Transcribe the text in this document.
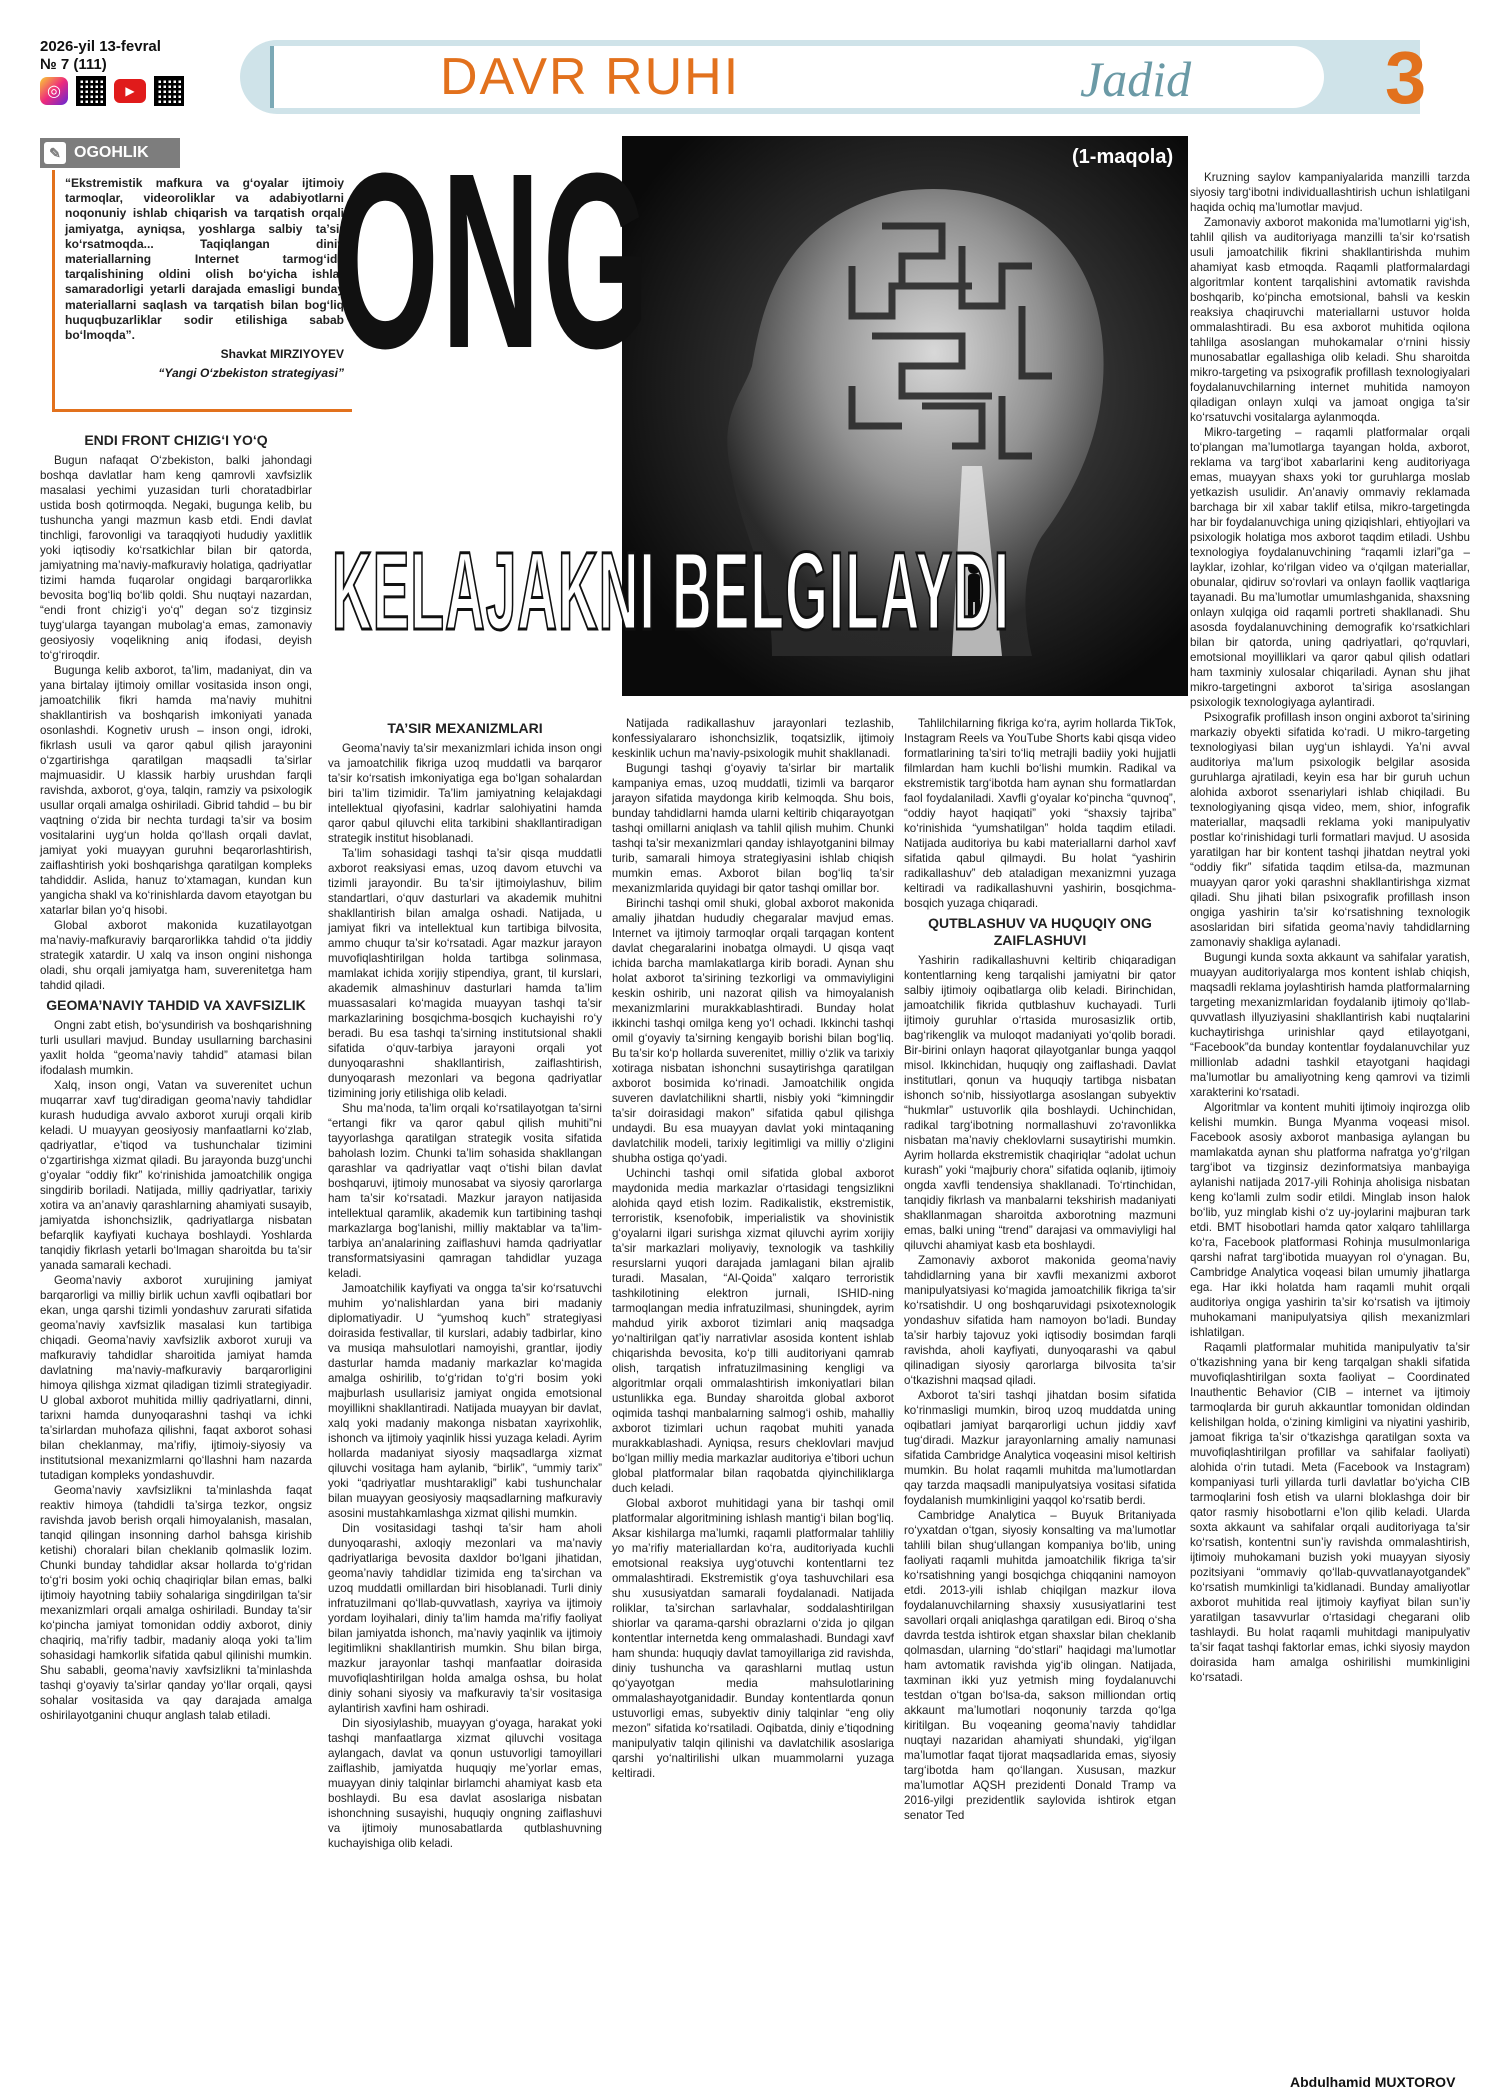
2026-yil 13-fevral
№ 7 (111)
◎	▶	DAVR RUHI	Jadid	3
✎ OGOHLIK
“Ekstremistik mafkura va g‘oyalar ijtimoiy tarmoqlar, videoroliklar va adabiyotlarni noqonuniy ishlab chiqarish va tarqatish orqali jamiyatga, ayniqsa, yoshlarga salbiy ta’sir ko‘rsatmoqda... Taqiqlangan diniy materiallarning Internet tarmog‘ida tarqalishining oldini olish bo‘yicha ishlar samaradorligi yetarli darajada emasligi bunday materiallarni saqlash va tarqatish bilan bog‘liq huquqbuzarliklar sodir etilishiga sabab bo‘lmoqda”.
Shavkat MIRZIYOYEV
“Yangi O‘zbekiston strategiyasi”
(1-maqola)
ONG
KELAJAKNI BELGILAYDI
ENDI FRONT CHIZIG‘I YO‘Q

Bugun nafaqat O‘zbekiston, balki jahondagi boshqa davlatlar ham keng qamrovli xavfsizlik masalasi yechimi yuzasidan turli choratadbirlar ustida bosh qotirmoqda. Negaki, bugunga kelib, bu tushuncha yangi mazmun kasb etdi. Endi davlat tinchligi, farovonligi va taraqqiyoti hududiy yaxlitlik yoki iqtisodiy ko‘rsatkichlar bilan bir qatorda, jamiyatning ma’naviy-mafkuraviy holatiga, qadriyatlar tizimi hamda fuqarolar ongidagi barqarorlikka bevosita bog‘liq bo‘lib qoldi. Shu nuqtayi nazardan, “endi front chizig‘i yo‘q” degan so‘z tizginsiz tuyg‘ularga tayangan mubolag‘a emas, zamonaviy geosiyosiy voqelikning aniq ifodasi, deyish to‘g‘riroqdir.

Bugunga kelib axborot, ta’lim, madaniyat, din va yana birtalay ijtimoiy omillar vositasida inson ongi, jamoatchilik fikri hamda ma’naviy muhitni shakllantirish va boshqarish imkoniyati yanada osonlashdi. Kognetiv urush – inson ongi, idroki, fikrlash usuli va qaror qabul qilish jarayonini o‘zgartirishga qaratilgan maqsadli ta’sirlar majmuasidir. U klassik harbiy urushdan farqli ravishda, axborot, g‘oya, talqin, ramziy va psixologik usullar orqali amalga oshiriladi. Gibrid tahdid – bu bir vaqtning o‘zida bir nechta turdagi ta’sir va bosim vositalarini uyg‘un holda qo‘llash orqali davlat, jamiyat yoki muayyan guruhni beqarorlashtirish, zaiflashtirish yoki boshqarishga qaratilgan kompleks tahdiddir. Aslida, hanuz to‘xtamagan, kundan kun yangicha shakl va ko‘rinishlarda davom etayotgan bu xatarlar bilan yo‘q hisobi.

Global axborot makonida kuzatilayotgan ma’naviy-mafkuraviy barqarorlikka tahdid o‘ta jiddiy strategik xatardir. U xalq va inson ongini nishonga oladi, shu orqali jamiyatga ham, suverenitetga ham tahdid qiladi.

GEOMA’NAVIY TAHDID VA XAVFSIZLIK

Ongni zabt etish, bo‘ysundirish va boshqarishning turli usullari mavjud. Bunday usullarning barchasini yaxlit holda “geoma’naviy tahdid” atamasi bilan ifodalash mumkin.

Xalq, inson ongi, Vatan va suverenitet uchun muqarrar xavf tug‘diradigan geoma’naviy tahdidlar kurash hududiga avvalo axborot xuruji orqali kirib keladi. U muayyan geosiyosiy manfaatlarni ko‘zlab, qadriyatlar, e’tiqod va tushunchalar tizimini o‘zgartirishga xizmat qiladi. Bu jarayonda buzg‘unchi g‘oyalar “oddiy fikr” ko‘rinishida jamoatchilik ongiga singdirib boriladi. Natijada, milliy qadriyatlar, tarixiy xotira va an’anaviy qarashlarning ahamiyati susayib, jamiyatda ishonchsizlik, qadriyatlarga nisbatan befarqlik kayfiyati kuchaya boshlaydi. Yoshlarda tanqidiy fikrlash yetarli bo‘lmagan sharoitda bu ta’sir yanada samarali kechadi.

Geoma’naviy axborot xurujining jamiyat barqarorligi va milliy birlik uchun xavfli oqibatlari bor ekan, unga qarshi tizimli yondashuv zarurati sifatida geoma’naviy xavfsizlik masalasi kun tartibiga chiqadi. Geoma’naviy xavfsizlik axborot xuruji va mafkuraviy tahdidlar sharoitida jamiyat hamda davlatning ma’naviy-mafkuraviy barqarorligini himoya qilishga xizmat qiladigan tizimli strategiyadir. U global axborot muhitida milliy qadriyatlarni, dinni, tarixni hamda dunyoqarashni tashqi va ichki ta’sirlardan muhofaza qilishni, faqat axborot sohasi bilan cheklanmay, ma’rifiy, ijtimoiy-siyosiy va institutsional mexanizmlarni qo‘llashni ham nazarda tutadigan kompleks yondashuvdir.

Geoma’naviy xavfsizlikni ta’minlashda faqat reaktiv himoya (tahdidli ta’sirga tezkor, ongsiz ravishda javob berish orqali himoyalanish, masalan, tanqid qilingan insonning darhol bahsga kirishib ketishi) choralari bilan cheklanib qolmaslik lozim. Chunki bunday tahdidlar aksar hollarda to‘g‘ridan to‘g‘ri bosim yoki ochiq chaqiriqlar bilan emas, balki ijtimoiy hayotning tabiiy sohalariga singdirilgan ta’sir mexanizmlari orqali amalga oshiriladi. Bunday ta’sir ko‘pincha jamiyat tomonidan oddiy axborot, diniy chaqiriq, ma’rifiy tadbir, madaniy aloqa yoki ta’lim sohasidagi hamkorlik sifatida qabul qilinishi mumkin. Shu sababli, geoma’naviy xavfsizlikni ta’minlashda tashqi g‘oyaviy ta’sirlar qanday yo‘llar orqali, qaysi sohalar vositasida va qay darajada amalga oshirilayotganini chuqur anglash talab etiladi.

TA’SIR MEXANIZMLARI

Geoma’naviy ta’sir mexanizmlari ichida inson ongi va jamoatchilik fikriga uzoq muddatli va barqaror ta’sir ko‘rsatish imkoniyatiga ega bo‘lgan sohalardan biri ta’lim tizimidir. Ta’lim jamiyatning kelajakdagi intellektual qiyofasini, kadrlar salohiyatini hamda qaror qabul qiluvchi elita tarkibini shakllantiradigan strategik institut hisoblanadi.

Ta’lim sohasidagi tashqi ta’sir qisqa muddatli axborot reaksiyasi emas, uzoq davom etuvchi va tizimli jarayondir. Bu ta’sir ijtimoiylashuv, bilim standartlari, o‘quv dasturlari va akademik muhitni shakllantirish bilan amalga oshadi. Natijada, u jamiyat fikri va intellektual kun tartibiga bilvosita, ammo chuqur ta’sir ko‘rsatadi. Agar mazkur jarayon muvofiqlashtirilgan holda tartibga solinmasa, mamlakat ichida xorijiy stipendiya, grant, til kurslari, akademik almashinuv dasturlari hamda ta’lim muassasalari ko‘magida muayyan tashqi ta’sir markazlarining bosqichma-bosqich kuchayishi ro‘y beradi. Bu esa tashqi ta’sirning institutsional shakli sifatida o‘quv-tarbiya jarayoni orqali yot dunyoqarashni shakllantirish, zaiflashtirish, dunyoqarash mezonlari va begona qadriyatlar tizimining joriy etilishiga olib keladi.

Shu ma’noda, ta’lim orqali ko‘rsatilayotgan ta’sirni “ertangi fikr va qaror qabul qilish muhiti”ni tayyorlashga qaratilgan strategik vosita sifatida baholash lozim. Chunki ta’lim sohasida shakllangan qarashlar va qadriyatlar vaqt o‘tishi bilan davlat boshqaruvi, ijtimoiy munosabat va siyosiy qarorlarga ham ta’sir ko‘rsatadi. Mazkur jarayon natijasida intellektual qaramlik, akademik kun tartibining tashqi markazlarga bog‘lanishi, milliy maktablar va ta’lim-tarbiya an’analarining zaiflashuvi hamda qadriyatlar transformatsiyasini qamragan tahdidlar yuzaga keladi.

Jamoatchilik kayfiyati va ongga ta’sir ko‘rsatuvchi muhim yo‘nalishlardan yana biri madaniy diplomatiyadir. U “yumshoq kuch” strategiyasi doirasida festivallar, til kurslari, adabiy tadbirlar, kino va musiqa mahsulotlari namoyishi, grantlar, ijodiy dasturlar hamda madaniy markazlar ko‘magida amalga oshirilib, to‘g‘ridan to‘g‘ri bosim yoki majburlash usullarisiz jamiyat ongida emotsional moyillikni shakllantiradi. Natijada muayyan bir davlat, xalq yoki madaniy makonga nisbatan xayrixohlik, ishonch va ijtimoiy yaqinlik hissi yuzaga keladi. Ayrim hollarda madaniyat siyosiy maqsadlarga xizmat qiluvchi vositaga ham aylanib, “birlik”, “ummiy tarix” yoki “qadriyatlar mushtarakligi” kabi tushunchalar bilan muayyan geosiyosiy maqsadlarning mafkuraviy asosini mustahkamlashga xizmat qilishi mumkin.

Din vositasidagi tashqi ta’sir ham aholi dunyoqarashi, axloqiy mezonlari va ma’naviy qadriyatlariga bevosita daxldor bo‘lgani jihatidan, geoma’naviy tahdidlar tizimida eng ta’sirchan va uzoq muddatli omillardan biri hisoblanadi. Turli diniy infratuzilmani qo‘llab-quvvatlash, xayriya va ijtimoiy yordam loyihalari, diniy ta’lim hamda ma’rifiy faoliyat bilan jamiyatda ishonch, ma’naviy yaqinlik va ijtimoiy legitimlikni shakllantirish mumkin. Shu bilan birga, mazkur jarayonlar tashqi manfaatlar doirasida muvofiqlashtirilgan holda amalga oshsa, bu holat diniy sohani siyosiy va mafkuraviy ta’sir vositasiga aylantirish xavfini ham oshiradi.

Din siyosiylashib, muayyan g‘oyaga, harakat yoki tashqi manfaatlarga xizmat qiluvchi vositaga aylangach, davlat va qonun ustuvorligi tamoyillari zaiflashib, jamiyatda huquqiy me’yorlar emas, muayyan diniy talqinlar birlamchi ahamiyat kasb eta boshlaydi. Bu esa davlat asoslariga nisbatan ishonchning susayishi, huquqiy ongning zaiflashuvi va ijtimoiy munosabatlarda qutblashuvning kuchayishiga olib keladi.

Natijada radikallashuv jarayonlari tezlashib, konfessiyalararo ishonchsizlik, toqatsizlik, ijtimoiy keskinlik uchun ma’naviy-psixologik muhit shakllanadi.

Bugungi tashqi g‘oyaviy ta’sirlar bir martalik kampaniya emas, uzoq muddatli, tizimli va barqaror jarayon sifatida maydonga kirib kelmoqda. Shu bois, bunday tahdidlarni hamda ularni keltirib chiqarayotgan tashqi omillarni aniqlash va tahlil qilish muhim. Chunki tashqi ta’sir mexanizmlari qanday ishlayotganini bilmay turib, samarali himoya strategiyasini ishlab chiqish mumkin emas. Axborot bilan bog‘liq ta’sir mexanizmlarida quyidagi bir qator tashqi omillar bor.

Birinchi tashqi omil shuki, global axborot makonida amaliy jihatdan hududiy chegaralar mavjud emas. Internet va ijtimoiy tarmoqlar orqali tarqagan kontent davlat chegaralarini inobatga olmaydi. U qisqa vaqt ichida barcha mamlakatlarga kirib boradi. Aynan shu holat axborot ta’sirining tezkorligi va ommaviyligini keskin oshirib, uni nazorat qilish va himoyalanish mexanizmlarini murakkablashtiradi. Bunday holat ikkinchi tashqi omilga keng yo‘l ochadi. Ikkinchi tashqi omil g‘oyaviy ta’sirning kengayib borishi bilan bog‘liq. Bu ta’sir ko‘p hollarda suverenitet, milliy o‘zlik va tarixiy xotiraga nisbatan ishonchni susaytirishga qaratilgan axborot bosimida ko‘rinadi. Jamoatchilik ongida suveren davlatchilikni shartli, nisbiy yoki “kimningdir ta’sir doirasidagi makon” sifatida qabul qilishga undaydi. Bu esa muayyan davlat yoki mintaqaning davlatchilik modeli, tarixiy legitimligi va milliy o‘zligini shubha ostiga qo‘yadi.

Uchinchi tashqi omil sifatida global axborot maydonida media markazlar o‘rtasidagi tengsizlikni alohida qayd etish lozim. Radikalistik, ekstremistik, terroristik, ksenofobik, imperialistik va shovinistik g‘oyalarni ilgari surishga xizmat qiluvchi ayrim xorijiy ta’sir markazlari moliyaviy, texnologik va tashkiliy resurslarni yuqori darajada jamlagani bilan ajralib turadi. Masalan, “Al-Qoida” xalqaro terroristik tashkilotining elektron jurnali, ISHID-ning tarmoqlangan media infratuzilmasi, shuningdek, ayrim mahdud yirik axborot tizimlari aniq maqsadga yo‘naltirilgan qat’iy narrativlar asosida kontent ishlab chiqarishda bevosita, ko‘p tilli auditoriyani qamrab olish, tarqatish infratuzilmasining kengligi va algoritmlar orqali ommalashtirish imkoniyatlari bilan ustunlikka ega. Bunday sharoitda global axborot oqimida tashqi manbalarning salmog‘i oshib, mahalliy axborot tizimlari uchun raqobat muhiti yanada murakkablashadi. Ayniqsa, resurs cheklovlari mavjud bo‘lgan milliy media markazlar auditoriya e’tibori uchun global platformalar bilan raqobatda qiyinchiliklarga duch keladi.

Global axborot muhitidagi yana bir tashqi omil platformalar algoritmining ishlash mantig‘i bilan bog‘liq. Aksar kishilarga ma’lumki, raqamli platformalar tahliliy yo ma’rifiy materiallardan ko‘ra, auditoriyada kuchli emotsional reaksiya uyg‘otuvchi kontentlarni tez ommalashtiradi. Ekstremistik g‘oya tashuvchilari esa shu xususiyatdan samarali foydalanadi. Natijada roliklar, ta’sirchan sarlavhalar, soddalashtirilgan shiorlar va qarama-qarshi obrazlarni o‘zida jo qilgan kontentlar internetda keng ommalashadi. Bundagi xavf ham shunda: huquqiy davlat tamoyillariga zid ravishda, diniy tushuncha va qarashlarni mutlaq ustun qo‘yayotgan media mahsulotlarining ommalashayotganidadir. Bunday kontentlarda qonun ustuvorligi emas, subyektiv diniy talqinlar “eng oliy mezon” sifatida ko‘rsatiladi. Oqibatda, diniy e’tiqodning manipulyativ talqin qilinishi va davlatchilik asoslariga qarshi yo‘naltirilishi ulkan muammolarni yuzaga keltiradi.

Tahlilchilarning fikriga ko‘ra, ayrim hollarda TikTok, Instagram Reels va YouTube Shorts kabi qisqa video formatlarining ta’siri to‘liq metrajli badiiy yoki hujjatli filmlardan ham kuchli bo‘lishi mumkin. Radikal va ekstremistik targ‘ibotda ham aynan shu formatlardan faol foydalaniladi. Xavfli g‘oyalar ko‘pincha “quvnoq”, “oddiy hayot haqiqati” yoki “shaxsiy tajriba” ko‘rinishida “yumshatilgan” holda taqdim etiladi. Natijada auditoriya bu kabi materiallarni darhol xavf sifatida qabul qilmaydi. Bu holat “yashirin radikallashuv” deb ataladigan mexanizmni yuzaga keltiradi va radikallashuvni yashirin, bosqichma-bosqich yuzaga chiqaradi.

QUTBLASHUV VA HUQUQIY ONG ZAIFLASHUVI

Yashirin radikallashuvni keltirib chiqaradigan kontentlarning keng tarqalishi jamiyatni bir qator salbiy ijtimoiy oqibatlarga olib keladi. Birinchidan, jamoatchilik fikrida qutblashuv kuchayadi. Turli ijtimoiy guruhlar o‘rtasida murosasizlik ortib, bag‘rikenglik va muloqot madaniyati yo‘qolib boradi. Bir-birini onlayn haqorat qilayotganlar bunga yaqqol misol. Ikkinchidan, huquqiy ong zaiflashadi. Davlat institutlari, qonun va huquqiy tartibga nisbatan ishonch so‘nib, hissiyotlarga asoslangan subyektiv “hukmlar” ustuvorlik qila boshlaydi. Uchinchidan, radikal targ‘ibotning normallashuvi zo‘ravonlikka nisbatan ma’naviy cheklovlarni susaytirishi mumkin. Ayrim hollarda ekstremistik chaqiriqlar “adolat uchun kurash” yoki “majburiy chora” sifatida oqlanib, ijtimoiy ongda xavfli tendensiya shakllanadi. To‘rtinchidan, tanqidiy fikrlash va manbalarni tekshirish madaniyati shakllanmagan sharoitda axborotning mazmuni emas, balki uning “trend” darajasi va ommaviyligi hal qiluvchi ahamiyat kasb eta boshlaydi.

Zamonaviy axborot makonida geoma’naviy tahdidlarning yana bir xavfli mexanizmi axborot manipulyatsiyasi ko‘magida jamoatchilik fikriga ta’sir ko‘rsatishdir. U ong boshqaruvidagi psixotexnologik yondashuv sifatida ham namoyon bo‘ladi. Bunday ta’sir harbiy tajovuz yoki iqtisodiy bosimdan farqli ravishda, aholi kayfiyati, dunyoqarashi va qabul qilinadigan siyosiy qarorlarga bilvosita ta’sir o‘tkazishni maqsad qiladi.

Axborot ta’siri tashqi jihatdan bosim sifatida ko‘rinmasligi mumkin, biroq uzoq muddatda uning oqibatlari jamiyat barqarorligi uchun jiddiy xavf tug‘diradi. Mazkur jarayonlarning amaliy namunasi sifatida Cambridge Analytica voqeasini misol keltirish mumkin. Bu holat raqamli muhitda ma’lumotlardan qay tarzda maqsadli manipulyatsiya vositasi sifatida foydalanish mumkinligini yaqqol ko‘rsatib berdi.

Cambridge Analytica – Buyuk Britaniyada ro‘yxatdan o‘tgan, siyosiy konsalting va ma’lumotlar tahlili bilan shug‘ullangan kompaniya bo‘lib, uning faoliyati raqamli muhitda jamoatchilik fikriga ta’sir ko‘rsatishning yangi bosqichga chiqqanini namoyon etdi. 2013-yili ishlab chiqilgan mazkur ilova foydalanuvchilarning shaxsiy xususiyatlarini test savollari orqali aniqlashga qaratilgan edi. Biroq o‘sha davrda testda ishtirok etgan shaxslar bilan cheklanib qolmasdan, ularning “do‘stlari” haqidagi ma’lumotlar ham avtomatik ravishda yig‘ib olingan. Natijada, taxminan ikki yuz yetmish ming foydalanuvchi testdan o‘tgan bo‘lsa-da, sakson milliondan ortiq akkaunt ma’lumotlari noqonuniy tarzda qo‘lga kiritilgan. Bu voqeaning geoma’naviy tahdidlar nuqtayi nazaridan ahamiyati shundaki, yig‘ilgan ma’lumotlar faqat tijorat maqsadlarida emas, siyosiy targ‘ibotda ham qo‘llangan. Xususan, mazkur ma’lumotlar AQSH prezidenti Donald Tramp va 2016-yilgi prezidentlik saylovida ishtirok etgan senator Ted

Kruzning saylov kampaniyalarida manzilli tarzda siyosiy targ‘ibotni individuallashtirish uchun ishlatilgani haqida ochiq ma’lumotlar mavjud.

Zamonaviy axborot makonida ma’lumotlarni yig‘ish, tahlil qilish va auditoriyaga manzilli ta’sir ko‘rsatish usuli jamoatchilik fikrini shakllantirishda muhim ahamiyat kasb etmoqda. Raqamli platformalardagi algoritmlar kontent tarqalishini avtomatik ravishda boshqarib, ko‘pincha emotsional, bahsli va keskin reaksiya chaqiruvchi materiallarni ustuvor holda ommalashtiradi. Bu esa axborot muhitida oqilona tahlilga asoslangan muhokamalar o‘rnini hissiy munosabatlar egallashiga olib keladi. Shu sharoitda mikro-targeting va psixografik profillash texnologiyalari foydalanuvchilarning internet muhitida namoyon qiladigan onlayn xulqi va jamoat ongiga ta’sir ko‘rsatuvchi vositalarga aylanmoqda.

Mikro-targeting – raqamli platformalar orqali to‘plangan ma’lumotlarga tayangan holda, axborot, reklama va targ‘ibot xabarlarini keng auditoriyaga emas, muayyan shaxs yoki tor guruhlarga moslab yetkazish usulidir. An’anaviy ommaviy reklamada barchaga bir xil xabar taklif etilsa, mikro-targetingda har bir foydalanuvchiga uning qiziqishlari, ehtiyojlari va psixologik holatiga mos axborot taqdim etiladi. Ushbu texnologiya foydalanuvchining “raqamli izlari”ga – layklar, izohlar, ko‘rilgan video va o‘qilgan materiallar, obunalar, qidiruv so‘rovlari va onlayn faollik vaqtlariga tayanadi. Bu ma’lumotlar umumlashganida, shaxsning onlayn xulqiga oid raqamli portreti shakllanadi. Shu asosda foydalanuvchining demografik ko‘rsatkichlari bilan bir qatorda, uning qadriyatlari, qo‘rquvlari, emotsional moyilliklari va qaror qabul qilish odatlari ham taxminiy xulosalar chiqariladi. Aynan shu jihat mikro-targetingni axborot ta’siriga asoslangan psixologik texnologiyaga aylantiradi.

Psixografik profillash inson ongini axborot ta’sirining markaziy obyekti sifatida ko‘radi. U mikro-targeting texnologiyasi bilan uyg‘un ishlaydi. Ya’ni avval auditoriya ma’lum psixologik belgilar asosida guruhlarga ajratiladi, keyin esa har bir guruh uchun alohida axborot ssenariylari ishlab chiqiladi. Bu texnologiyaning qisqa video, mem, shior, infografik materiallar, maqsadli reklama yoki manipulyativ postlar ko‘rinishidagi turli formatlari mavjud. U asosida yaratilgan har bir kontent tashqi jihatdan neytral yoki “oddiy fikr” sifatida taqdim etilsa-da, mazmunan muayyan qaror yoki qarashni shakllantirishga xizmat qiladi. Shu jihati bilan psixografik profillash inson ongiga yashirin ta’sir ko‘rsatishning texnologik asoslaridan biri sifatida geoma’naviy tahdidlarning zamonaviy shakliga aylanadi.

Bugungi kunda soxta akkaunt va sahifalar yaratish, muayyan auditoriyalarga mos kontent ishlab chiqish, maqsadli reklama joylashtirish hamda platformalarning targeting mexanizmlaridan foydalanib ijtimoiy qo‘llab-quvvatlash illyuziyasini shakllantirish kabi nuqtalarini kuchaytirishga urinishlar qayd etilayotgani, “Facebook”da bunday kontentlar foydalanuvchilar yuz millionlab adadni tashkil etayotgani haqidagi ma’lumotlar bu amaliyotning keng qamrovi va tizimli xarakterini ko‘rsatadi.

Algoritmlar va kontent muhiti ijtimoiy inqirozga olib kelishi mumkin. Bunga Myanma voqeasi misol. Facebook asosiy axborot manbasiga aylangan bu mamlakatda aynan shu platforma nafratga yo‘g‘rilgan targ‘ibot va tizginsiz dezinformatsiya manbayiga aylanishi natijada 2017-yili Rohinja aholisiga nisbatan keng ko‘lamli zulm sodir etildi. Minglab inson halok bo‘lib, yuz minglab kishi o‘z uy-joylarini majburan tark etdi. BMT hisobotlari hamda qator xalqaro tahlillarga ko‘ra, Facebook platformasi Rohinja musulmonlariga qarshi nafrat targ‘ibotida muayyan rol o‘ynagan. Bu, Cambridge Analytica voqeasi bilan umumiy jihatlarga ega. Har ikki holatda ham raqamli muhit orqali auditoriya ongiga yashirin ta’sir ko‘rsatish va ijtimoiy muhokamani manipulyatsiya qilish mexanizmlari ishlatilgan.

Raqamli platformalar muhitida manipulyativ ta’sir o‘tkazishning yana bir keng tarqalgan shakli sifatida muvofiqlashtirilgan soxta faoliyat – Coordinated Inauthentic Behavior (CIB – internet va ijtimoiy tarmoqlarda bir guruh akkauntlar tomonidan oldindan kelishilgan holda, o‘zining kimligini va niyatini yashirib, jamoat fikriga ta’sir o‘tkazishga qaratilgan soxta va muvofiqlashtirilgan profillar va sahifalar faoliyati) alohida o‘rin tutadi. Meta (Facebook va Instagram) kompaniyasi turli yillarda turli davlatlar bo‘yicha CIB tarmoqlarini fosh etish va ularni bloklashga doir bir qator rasmiy hisobotlarni e’lon qilib keladi. Ularda soxta akkaunt va sahifalar orqali auditoriyaga ta’sir ko‘rsatish, kontentni sun’iy ravishda ommalashtirish, ijtimoiy muhokamani buzish yoki muayyan siyosiy pozitsiyani “ommaviy qo‘llab-quvvatlanayotgandek” ko‘rsatish mumkinligi ta’kidlanadi. Bunday amaliyotlar axborot muhitida real ijtimoiy kayfiyat bilan sun’iy yaratilgan tasavvurlar o‘rtasidagi chegarani olib tashlaydi. Bu holat raqamli muhitdagi manipulyativ ta’sir faqat tashqi faktorlar emas, ichki siyosiy maydon doirasida ham amalga oshirilishi mumkinligini ko‘rsatadi.

Abdulhamid MUXTOROV
